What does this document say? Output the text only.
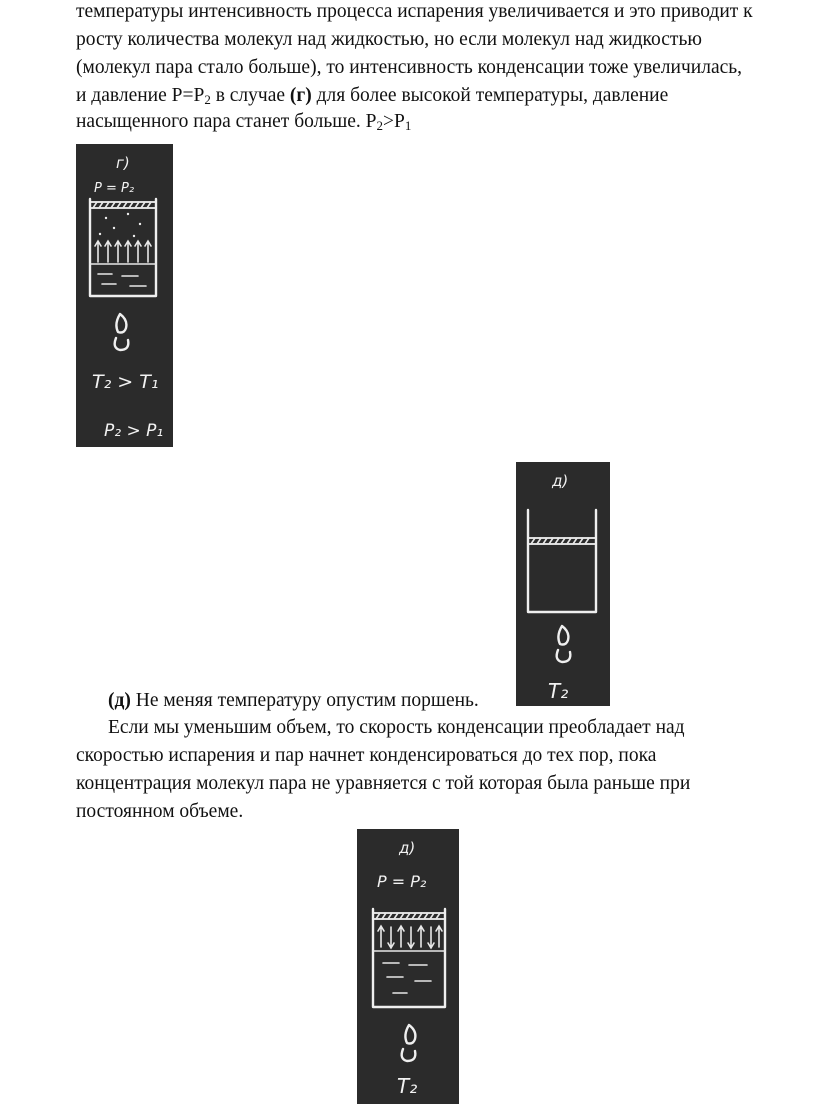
температуры интенсивность процесса испарения увеличивается и это приводит к
росту количества молекул над жидкостью, но если молекул над жидкостью
(молекул пара стало больше), то интенсивность конденсации тоже увеличилась,
и давление $P=P_2$ в случае (г) для более высокой температуры, давление
насыщенного пара станет больше. $P_2>P_1$
г)
P = P₂
T₂ > T₁
P₂ > P₁
д)
T₂
(д) Не меняя температуру опустим поршень.
Если мы уменьшим объем, то скорость конденсации преобладает над
скоростью испарения и пар начнет конденсироваться до тех пор, пока
концентрация молекул пара не уравняется с той которая была раньше при
постоянном объеме.
д)
P = P₂
T₂
